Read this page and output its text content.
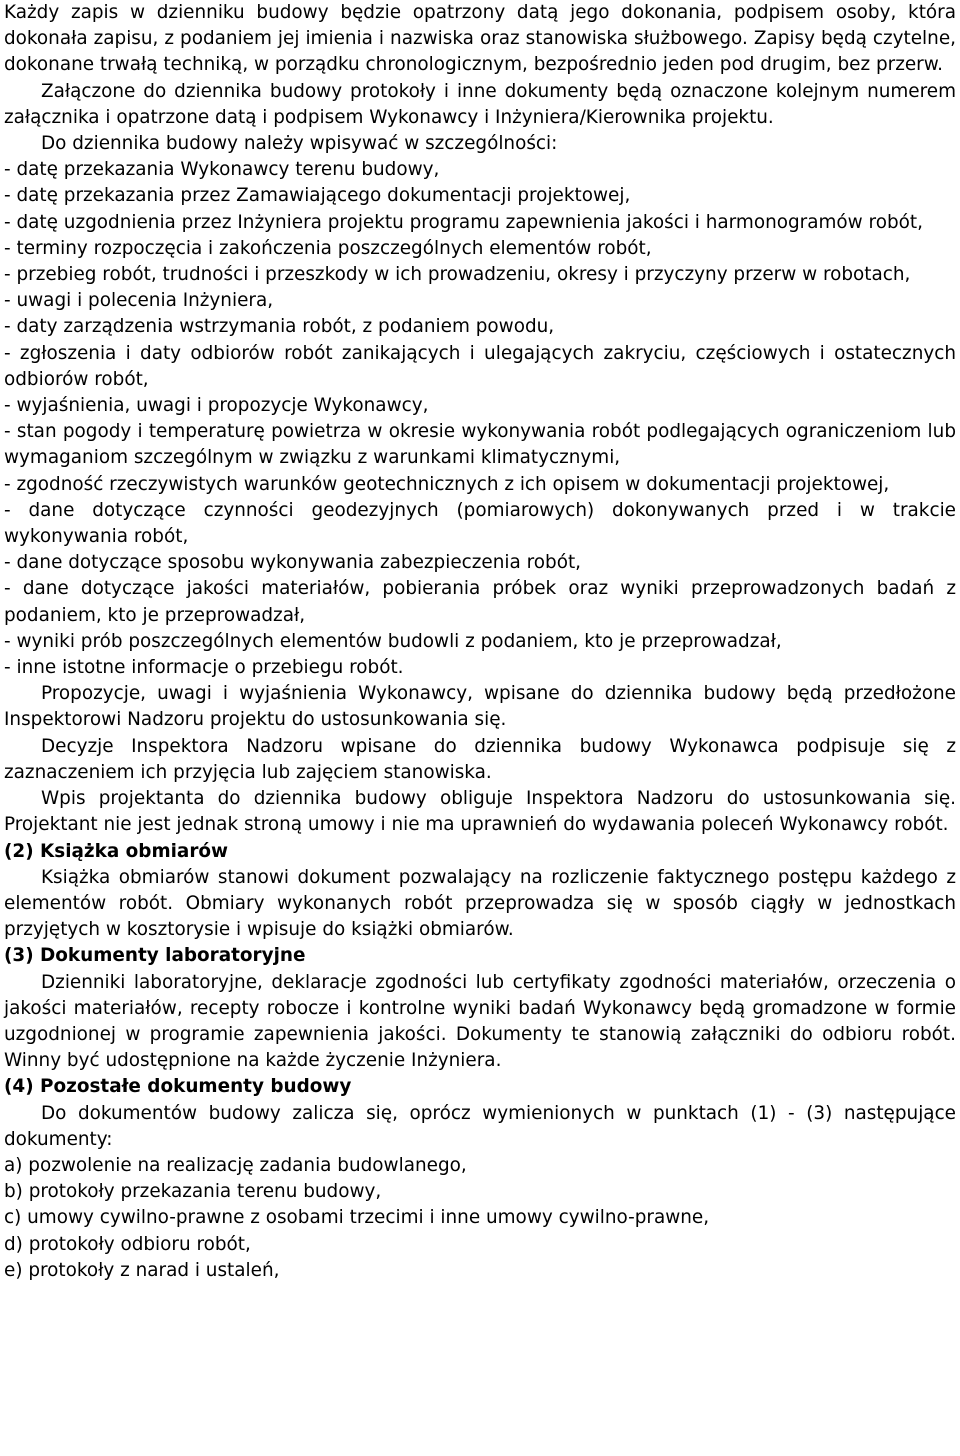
Każdy zapis w dzienniku budowy będzie opatrzony datą jego dokonania, podpisem osoby, która dokonała zapisu, z podaniem jej imienia i nazwiska oraz stanowiska służbowego. Zapisy będą czytelne, dokonane trwałą techniką, w porządku chronologicznym, bezpośrednio jeden pod drugim, bez przerw.

Załączone do dziennika budowy protokoły i inne dokumenty będą oznaczone kolejnym numerem załącznika i opatrzone datą i podpisem Wykonawcy i Inżyniera/Kierownika projektu.

Do dziennika budowy należy wpisywać w szczególności:

- datę przekazania Wykonawcy terenu budowy,

- datę przekazania przez Zamawiającego dokumentacji projektowej,

- datę uzgodnienia przez Inżyniera projektu programu zapewnienia jakości i harmonogramów robót,

- terminy rozpoczęcia i zakończenia poszczególnych elementów robót,

- przebieg robót, trudności i przeszkody w ich prowadzeniu, okresy i przyczyny przerw w robotach,

- uwagi i polecenia Inżyniera,

- daty zarządzenia wstrzymania robót, z podaniem powodu,

- zgłoszenia i daty odbiorów robót zanikających i ulegających zakryciu, częściowych i ostatecznych odbiorów robót,

- wyjaśnienia, uwagi i propozycje Wykonawcy,

- stan pogody i temperaturę powietrza w okresie wykonywania robót podlegających ograniczeniom lub wymaganiom szczególnym w związku z warunkami klimatycznymi,

- zgodność rzeczywistych warunków geotechnicznych z ich opisem w dokumentacji projektowej,

- dane dotyczące czynności geodezyjnych (pomiarowych) dokonywanych przed i w trakcie wykonywania robót,

- dane dotyczące sposobu wykonywania zabezpieczenia robót,

- dane dotyczące jakości materiałów, pobierania próbek oraz wyniki przeprowadzonych badań z podaniem, kto je przeprowadzał,

- wyniki prób poszczególnych elementów budowli z podaniem, kto je przeprowadzał,

- inne istotne informacje o przebiegu robót.

Propozycje, uwagi i wyjaśnienia Wykonawcy, wpisane do dziennika budowy będą przedłożone Inspektorowi Nadzoru projektu do ustosunkowania się.

Decyzje Inspektora Nadzoru wpisane do dziennika budowy Wykonawca podpisuje się z zaznaczeniem ich przyjęcia lub zajęciem stanowiska.

Wpis projektanta do dziennika budowy obliguje Inspektora Nadzoru do ustosunkowania się. Projektant nie jest jednak stroną umowy i nie ma uprawnień do wydawania poleceń Wykonawcy robót.

(2) Książka obmiarów

Książka obmiarów stanowi dokument pozwalający na rozliczenie faktycznego postępu każdego z elementów robót. Obmiary wykonanych robót przeprowadza się w sposób ciągły w jednostkach przyjętych w kosztorysie i wpisuje do książki obmiarów.

(3) Dokumenty laboratoryjne

Dzienniki laboratoryjne, deklaracje zgodności lub certyfikaty zgodności materiałów, orzeczenia o jakości materiałów, recepty robocze i kontrolne wyniki badań Wykonawcy będą gromadzone w formie uzgodnionej w programie zapewnienia jakości. Dokumenty te stanowią załączniki do odbioru robót. Winny być udostępnione na każde życzenie Inżyniera.

(4) Pozostałe dokumenty budowy

Do dokumentów budowy zalicza się, oprócz wymienionych w punktach (1) - (3) następujące dokumenty:

a) pozwolenie na realizację zadania budowlanego,

b) protokoły przekazania terenu budowy,

c) umowy cywilno-prawne z osobami trzecimi i inne umowy cywilno-prawne,

d) protokoły odbioru robót,

e) protokoły z narad i ustaleń,
